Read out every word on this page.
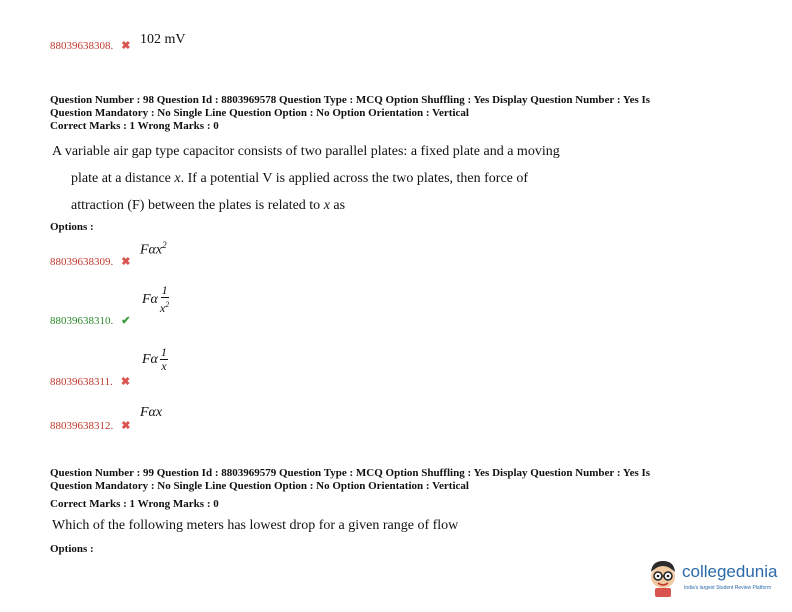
88039638308. ✖ 102 mV
Question Number : 98 Question Id : 8803969578 Question Type : MCQ Option Shuffling : Yes Display Question Number : Yes Is
Question Mandatory : No Single Line Question Option : No Option Orientation : Vertical
Correct Marks : 1 Wrong Marks : 0
A variable air gap type capacitor consists of two parallel plates: a fixed plate and a moving
plate at a distance x. If a potential V is applied across the two plates, then force of
attraction (F) between the plates is related to x as
Options :
88039638309. ✖
Fαx$^2$
88039638310. ✔
Fα $\frac{1}{x^2}$
88039638311. ✖
Fα $\frac{1}{x}$
88039638312. ✖
Fαx
Question Number : 99 Question Id : 8803969579 Question Type : MCQ Option Shuffling : Yes Display Question Number : Yes Is
Question Mandatory : No Single Line Question Option : No Option Orientation : Vertical
Correct Marks : 1 Wrong Marks : 0
Which of the following meters has lowest drop for a given range of flow
Options :
collegedunia
India's largest Student Review Platform
